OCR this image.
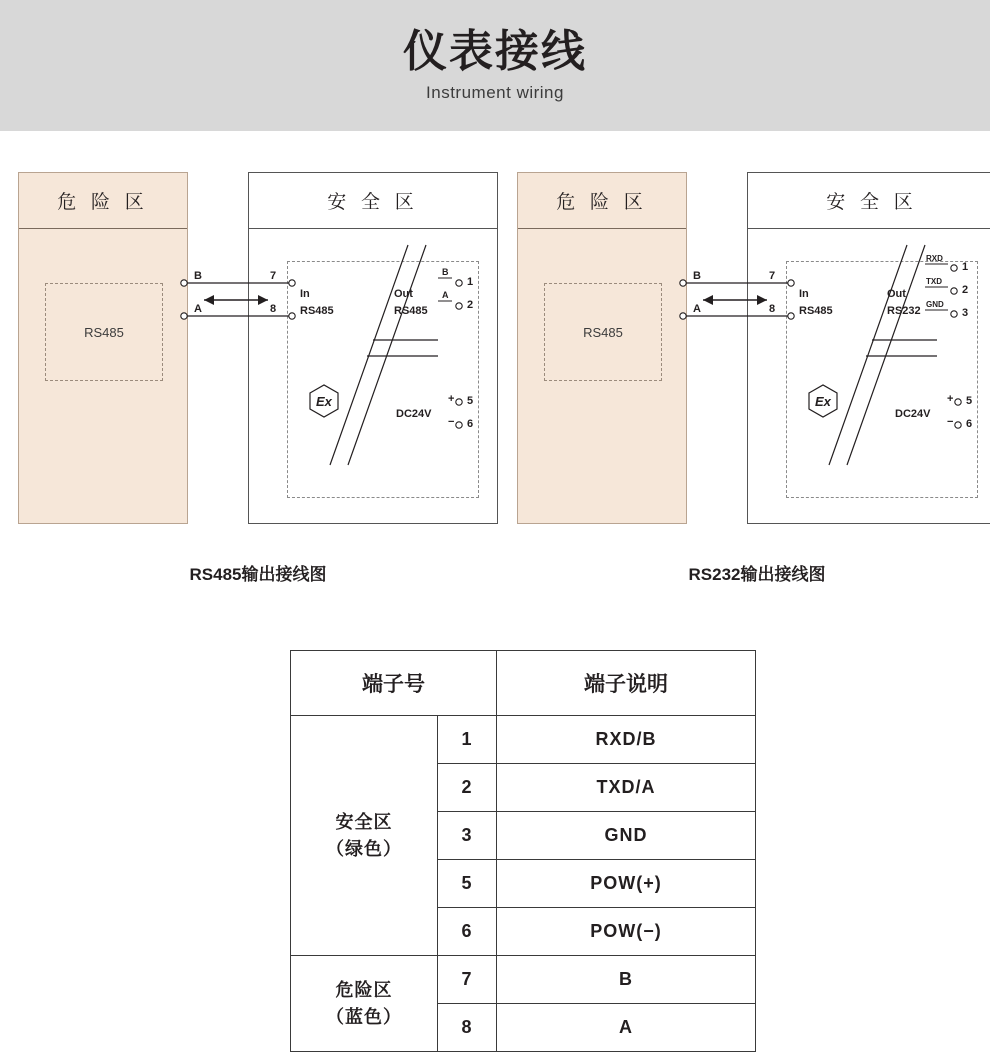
仪表接线
Instrument wiring
危 险 区
RS485
安 全 区
B
A
7
8
In
RS485
Out
RS485
B
1
A
2
DC24V
+ 5
− 6
Ex
危 险 区
RS485
安 全 区
B
A
7
8
In
RS485
Out
RS232
RXD
1
TXD
2
GND
3
DC24V
+ 5
− 6
Ex
RS485输出接线图	RS232输出接线图
端子号		端子说明
安全区
（绿色）	1	RXD/B
	2	TXD/A
	3	GND
	5	POW(+)
	6	POW(−)
危险区
（蓝色）	7	B
	8	A
